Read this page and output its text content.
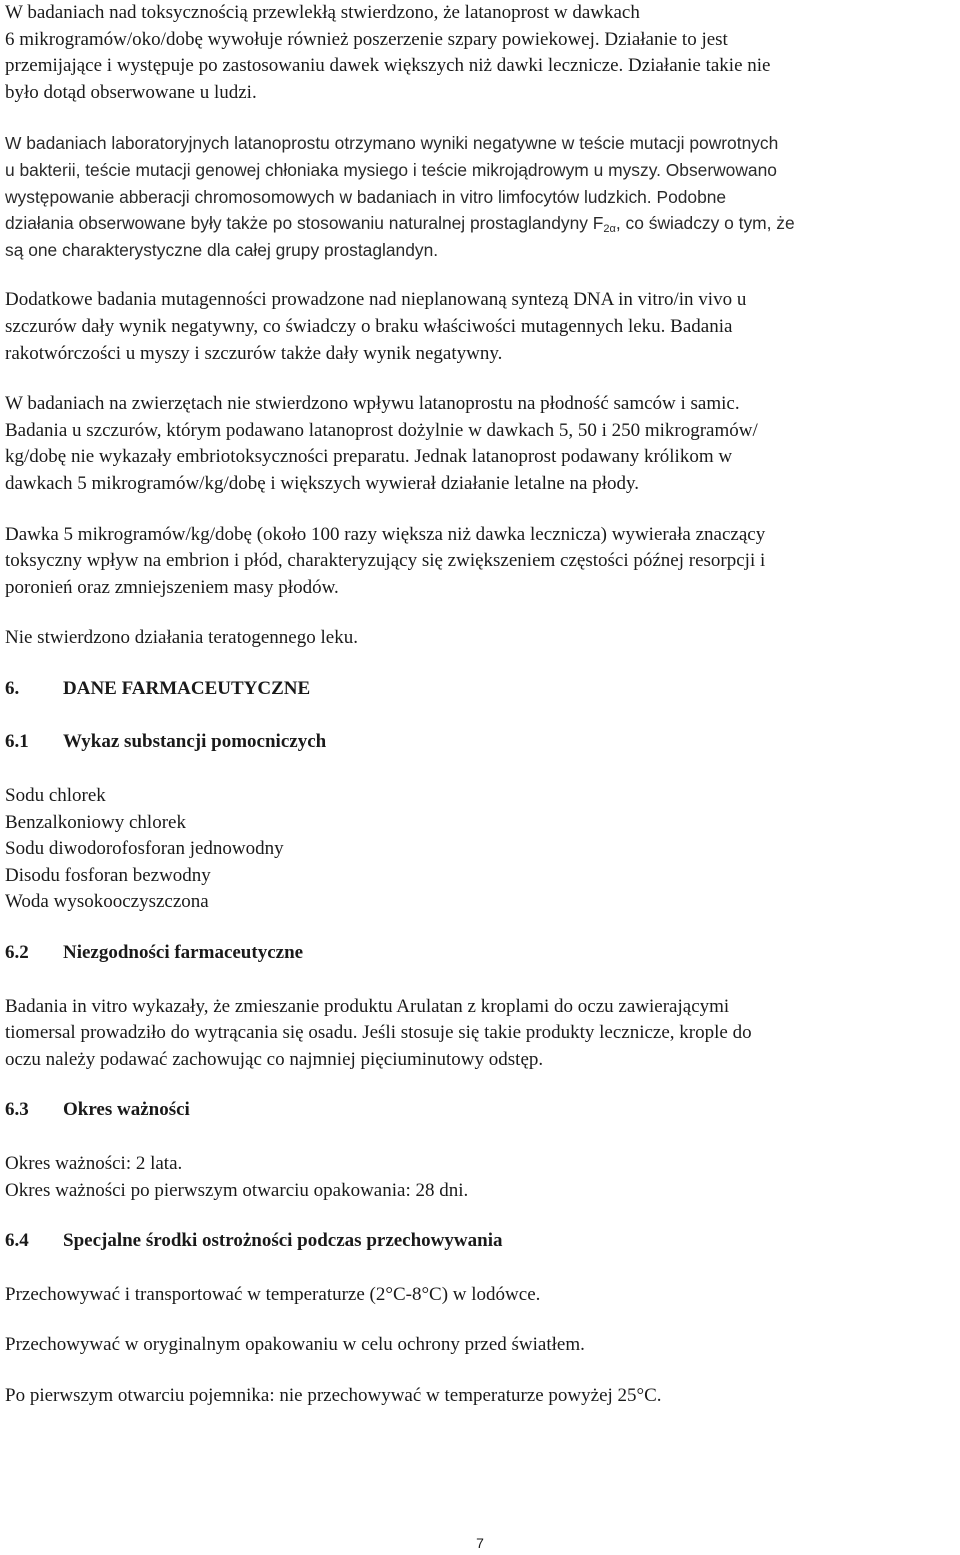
W badaniach nad toksycznością przewlekłą stwierdzono, że latanoprost w dawkach
6 mikrogramów/oko/dobę wywołuje również poszerzenie szpary powiekowej. Działanie to jest
przemijające i występuje po zastosowaniu dawek większych niż dawki lecznicze. Działanie takie nie
było dotąd obserwowane u ludzi.

W badaniach laboratoryjnych latanoprostu otrzymano wyniki negatywne w teście mutacji powrotnych
u bakterii, teście mutacji genowej chłoniaka mysiego i teście mikrojądrowym u myszy. Obserwowano
występowanie abberacji chromosomowych w badaniach in vitro limfocytów ludzkich. Podobne
działania obserwowane były także po stosowaniu naturalnej prostaglandyny $F_{2\alpha}$, co świadczy o tym, że
są one charakterystyczne dla całej grupy prostaglandyn.

Dodatkowe badania mutagenności prowadzone nad nieplanowaną syntezą DNA in vitro/in vivo u
szczurów dały wynik negatywny, co świadczy o braku właściwości mutagennych leku. Badania
rakotwórczości u myszy i szczurów także dały wynik negatywny.

W badaniach na zwierzętach nie stwierdzono wpływu latanoprostu na płodność samców i samic.
Badania u szczurów, którym podawano latanoprost dożylnie w dawkach 5, 50 i 250 mikrogramów/
kg/dobę nie wykazały embriotoksyczności preparatu. Jednak latanoprost podawany królikom w
dawkach 5 mikrogramów/kg/dobę i większych wywierał działanie letalne na płody.

Dawka 5 mikrogramów/kg/dobę (około 100 razy większa niż dawka lecznicza) wywierała znaczący
toksyczny wpływ na embrion i płód, charakteryzujący się zwiększeniem częstości późnej resorpcji i
poronień oraz zmniejszeniem masy płodów.

Nie stwierdzono działania teratogennego leku.

6.	DANE FARMACEUTYCZNE
6.1	Wykaz substancji pomocniczych
Sodu chlorek
Benzalkoniowy chlorek
Sodu diwodorofosforan jednowodny
Disodu fosforan bezwodny
Woda wysokooczyszczona
6.2	Niezgodności farmaceutyczne

Badania in vitro wykazały, że zmieszanie produktu Arulatan z kroplami do oczu zawierającymi
tiomersal prowadziło do wytrącania się osadu. Jeśli stosuje się takie produkty lecznicze, krople do
oczu należy podawać zachowując co najmniej pięciuminutowy odstęp.

6.3	Okres ważności

Okres ważności: 2 lata.
Okres ważności po pierwszym otwarciu opakowania: 28 dni.

6.4	Specjalne środki ostrożności podczas przechowywania

Przechowywać i transportować w temperaturze (2°C-8°C) w lodówce.

Przechowywać w oryginalnym opakowaniu w celu ochrony przed światłem.

Po pierwszym otwarciu pojemnika: nie przechowywać w temperaturze powyżej 25°C.

7
